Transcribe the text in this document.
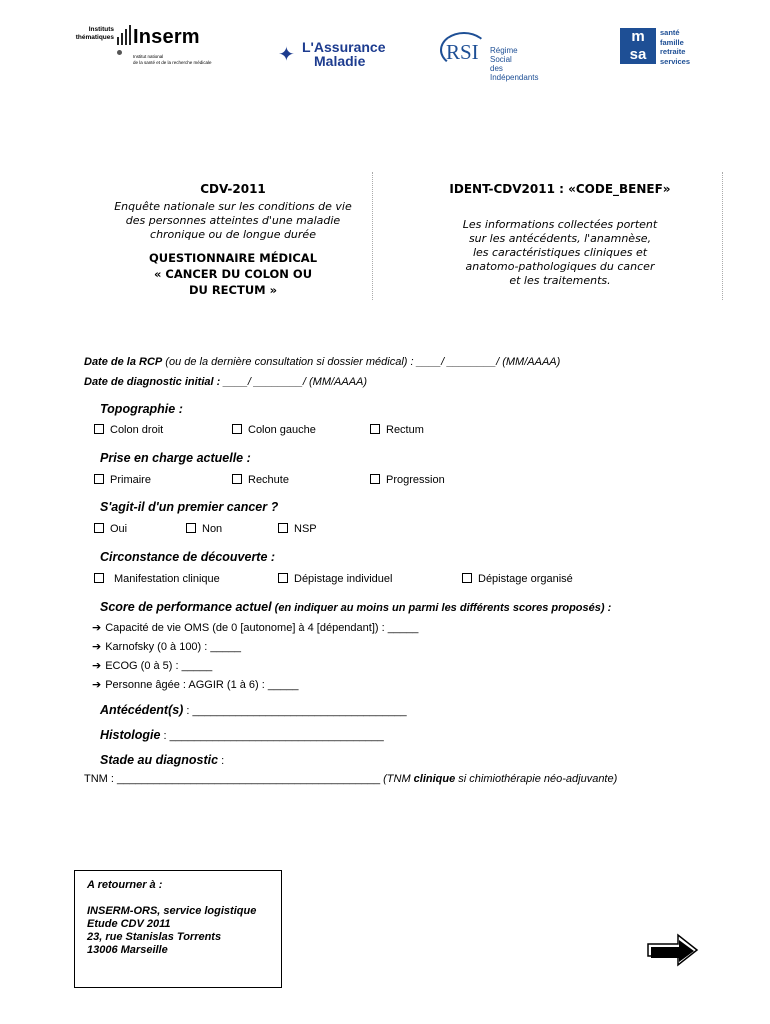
Instituts
thématiques Inserm
Institut national
de la santé et de la recherche médicale	✦ L'Assurance
Maladie	RSI Régime Social
des Indépendants
m
sa
santé
famille
retraite
services
CDV-2011
Enquête nationale sur les conditions de vie
des personnes atteintes d'une maladie
chronique ou de longue durée
QUESTIONNAIRE MÉDICAL
« CANCER DU COLON OU
DU RECTUM »
IDENT-CDV2011 : «CODE_BENEF»
Les informations collectées portent
sur les antécédents, l'anamnèse,
les caractéristiques cliniques et
anatomo-pathologiques du cancer
et les traitements.
Date de la RCP (ou de la dernière consultation si dossier médical) : ____/ ________/ (MM/AAAA)
Date de diagnostic initial : ____/ ________/ (MM/AAAA)
Topographie :
Colon droit	Colon gauche	Rectum
Prise en charge actuelle :
Primaire	Rechute	Progression
S'agit-il d'un premier cancer ?
Oui	Non	NSP
Circonstance de découverte :
Manifestation clinique	Dépistage individuel	Dépistage organisé
Score de performance actuel (en indiquer au moins un parmi les différents scores proposés) :
➔ Capacité de vie OMS (de 0 [autonome] à 4 [dépendant]) : _____
➔ Karnofsky (0 à 100) : _____
➔ ECOG (0 à 5) : _____
➔ Personne âgée : AGGIR (1 à 6) : _____
Antécédent(s) : ___________________________________
Histologie : ___________________________________
Stade au diagnostic :
TNM : ___________________________________________ (TNM clinique si chimiothérapie néo-adjuvante)
A retourner à :
INSERM-ORS, service logistique
Etude CDV 2011
23, rue Stanislas Torrents
13006 Marseille
